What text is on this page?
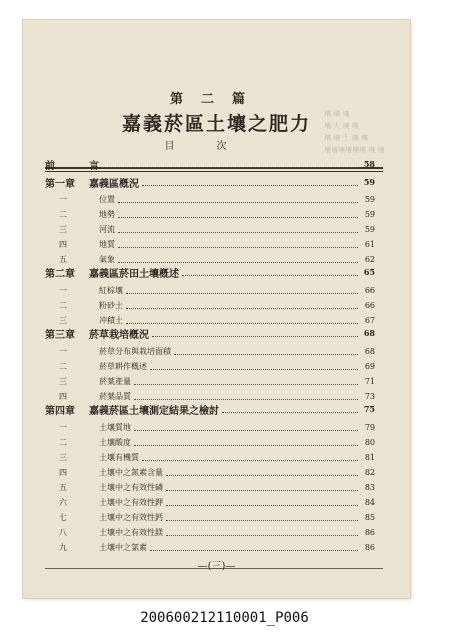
壤 壤 壤
壤 大 壤 壤
壤 壤 土 壤 壤
壤壤壤壤壤壤 壤 壤
第二篇
嘉義菸區土壤之肥力
目次
前	言	58
第一章	嘉義區槪況	59
一	位置	59
二	地勢	59
三	河流	59
四	地質	61
五	氣象	62
第二章	嘉義區菸田土壤槪述	65
一	紅棕壤	66
二	粉砂土	66
三	冲積土	67
第三章	菸草栽培槪況	68
一	菸草分布與栽培面積	68
二	菸草耕作槪述	69
三	菸葉產量	71
四	菸葉品質	73
第四章	嘉義菸區土壤測定結果之檢討	75
一	土壤質地	79
二	土壤酸度	80
三	土壤有機質	81
四	土壤中之氮素含量	82
五	土壤中之有效性磷	83
六	土壤中之有效性鉀	84
七	土壤中之有效性鈣	85
八	土壤中之有效性鎂	86
九	土壤中之氯素	86
—(三)—
200600212110001_P006
